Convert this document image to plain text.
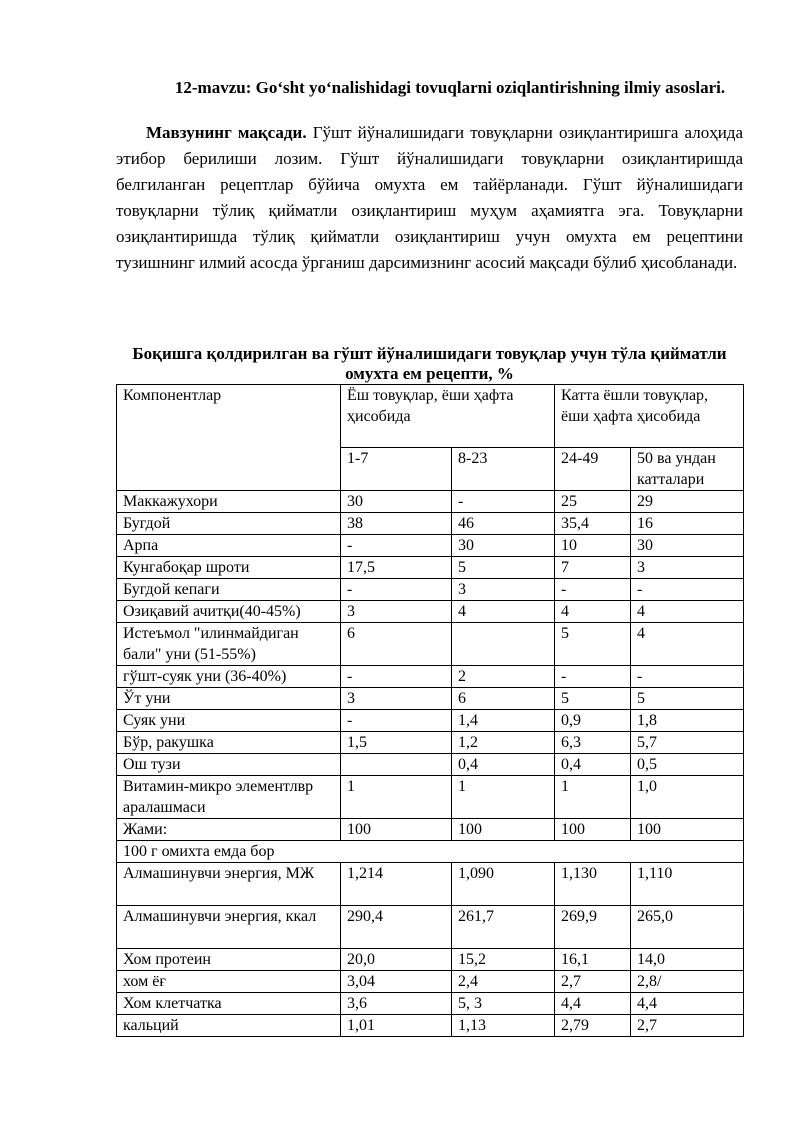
12-mavzu: Go‘sht yo‘nalishidagi tovuqlarni oziqlantirishning ilmiy asoslari.

Мавзунинг мақсади. Гўшт йўналишидаги товуқларни озиқлантиришга алоҳида этибор берилиши лозим. Гўшт йўналишидаги товуқларни озиқлантиришда белгиланган рецептлар бўйича омухта ем тайёрланади. Гўшт йўналишидаги товуқларни тўлиқ қийматли озиқлантириш муҳум аҳамиятга эга. Товуқларни озиқлантиришда тўлиқ қийматли озиқлантириш учун омухта ем рецептини тузишнинг илмий асосда ўрганиш дарсимизнинг асосий мақсади бўлиб ҳисобланади.

Боқишга қолдирилган ва гўшт йўналишидаги товуқлар учун тўла қийматли омухта ем рецепти, %
Компонентлар	Ёш товуқлар, ёши ҳафта ҳисобида		Катта ёшли товуқлар, ёши ҳафта ҳисобида	
	1-7	8-23	24-49	50 ва ундан катталари
Маккажухори	30	-	25	29
Бугдой	38	46	35,4	16
Арпа	-	30	10	30
Кунгабоқар шроти	17,5	5	7	3
Бугдой кепаги	-	3	-	-
Озиқавий ачитқи(40-45%)	3	4	4	4
Истеъмол "илинмайдиган бали" уни (51-55%)	6		5	4
гўшт-суяк уни (36-40%)	-	2	-	-
Ўт уни	3	6	5	5
Суяк уни	-	1,4	0,9	1,8
Бўр, ракушка	1,5	1,2	6,3	5,7
Ош тузи		0,4	0,4	0,5
Витамин-микро элементлвр аралашмаси	1	1	1	1,0
Жами:	100	100	100	100
100 г омихта емда бор				
Алмашинувчи энергия, МЖ	1,214	1,090	1,130	1,110
Алмашинувчи энергия, ккал	290,4	261,7	269,9	265,0
Хом протеин	20,0	15,2	16,1	14,0
хом ёғ	3,04	2,4	2,7	2,8/
Хом клетчатка	3,6	5, 3	4,4	4,4
кальций	1,01	1,13	2,79	2,7
